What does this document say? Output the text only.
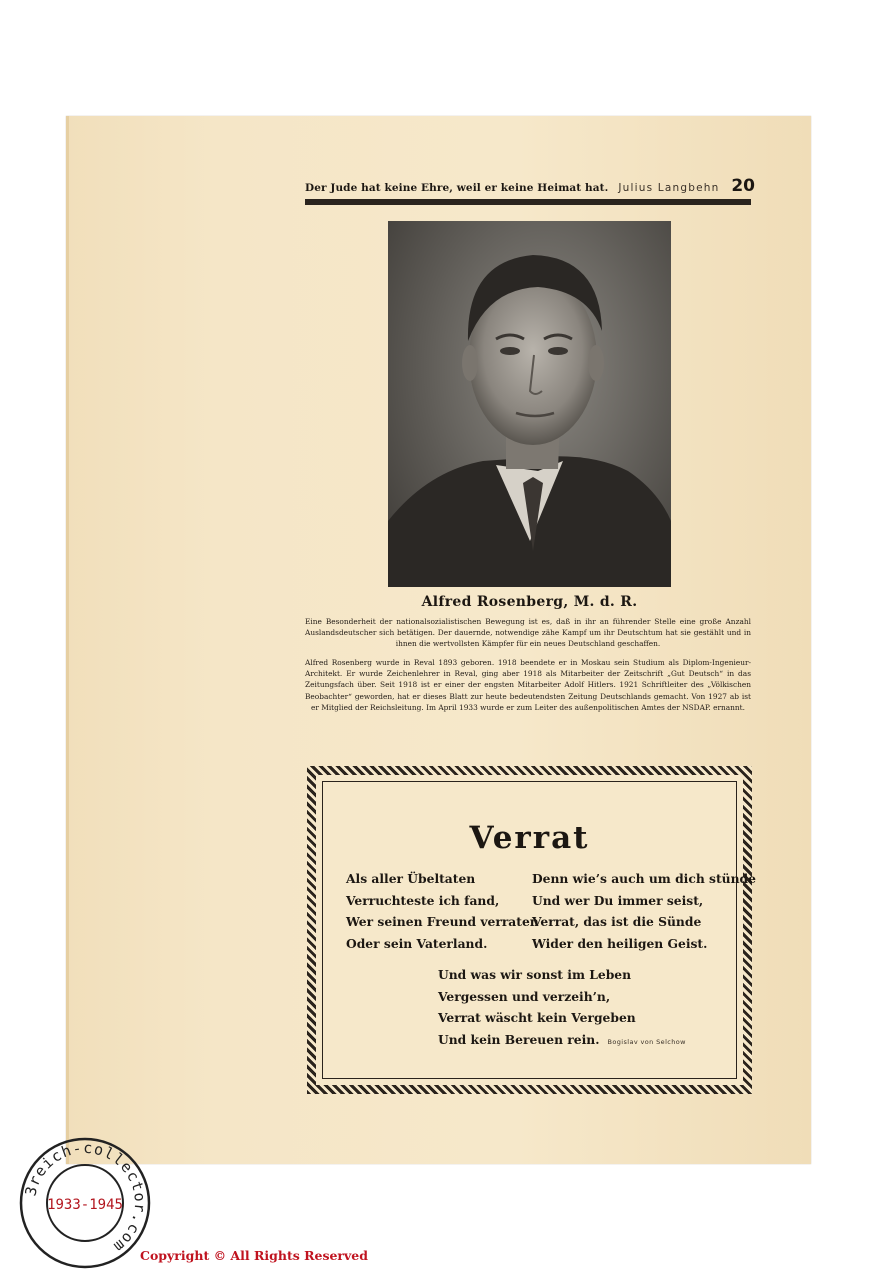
Der Jude hat keine Ehre, weil er keine Heimat hat. Julius Langbehn 20
Alfred Rosenberg, M. d. R.
Eine Besonderheit der nationalsozialistischen Bewegung ist es, daß in ihr an führender Stelle eine große Anzahl Auslandsdeutscher sich betätigen. Der dauernde, notwendige zähe Kampf um ihr Deutschtum hat sie gestählt und in ihnen die wertvollsten Kämpfer für ein neues Deutschland geschaffen.
Alfred Rosenberg wurde in Reval 1893 geboren. 1918 beendete er in Moskau sein Studium als Diplom-Ingenieur-Architekt. Er wurde Zeichenlehrer in Reval, ging aber 1918 als Mitarbeiter der Zeitschrift „Gut Deutsch“ in das Zeitungsfach über. Seit 1918 ist er einer der engsten Mitarbeiter Adolf Hitlers. 1921 Schriftleiter des „Völkischen Beobachter“ geworden, hat er dieses Blatt zur heute bedeutendsten Zeitung Deutschlands gemacht. Von 1927 ab ist er Mitglied der Reichsleitung. Im April 1933 wurde er zum Leiter des außenpolitischen Amtes der NSDAP. ernannt.
Verrat
Als aller Übeltaten
Verruchteste ich fand,
Wer seinen Freund verraten
Oder sein Vaterland.
Denn wie’s auch um dich stünde
Und wer Du immer seist,
Verrat, das ist die Sünde
Wider den heiligen Geist.
Und was wir sonst im Leben
Vergessen und verzeih’n,
Verrat wäscht kein Vergeben
Und kein Bereuen rein. Bogislav von Selchow
3reich-collector.com
1933-1945
Copyright © All Rights Reserved
